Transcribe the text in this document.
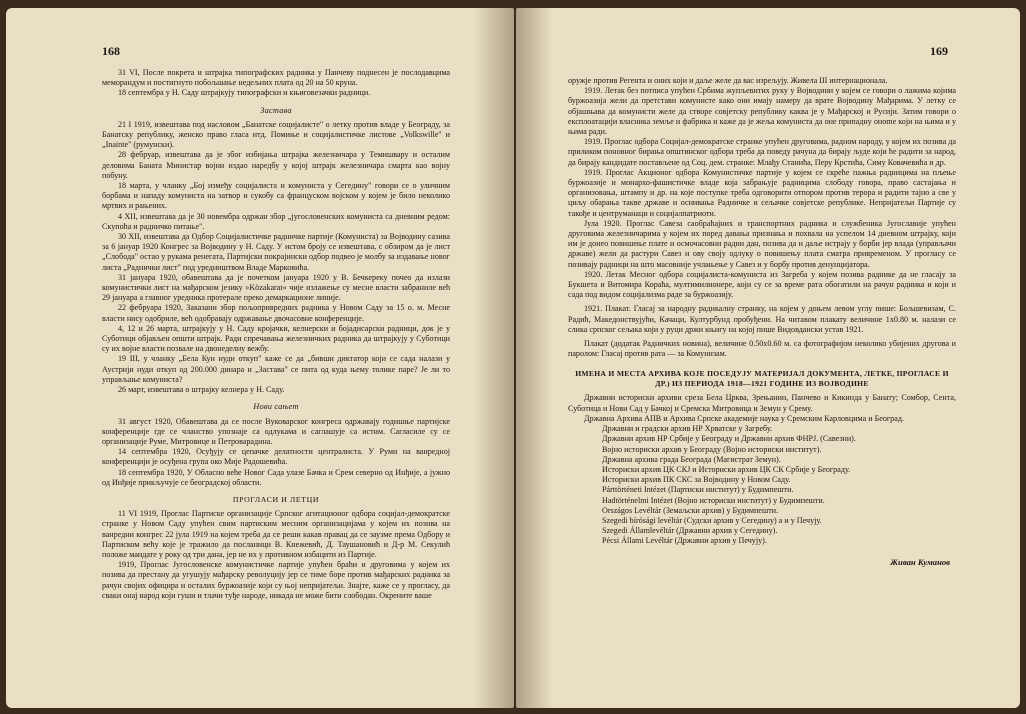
168

31 VI, После покрета и штрајка типографских радника у Панчеву поднесен је послодавцима меморандум и постигнуто побољшање недељних плата од 20 на 50 круна.

18 септембра у Н. Саду штрајкују типографски и књиговезачки радници.

Застава

21 I 1919, извештава под насловом „Банатске социјалисте" о летку против владе у Београду, за Банатску републику, женско право гласа итд. Помиње и социјалистичке листове „Volkswille" и „Inainte" (румунски).

28 фебруар, извештава да је због избијања штрајка железничара у Темишвару и осталим деловима Баната Министар војни издао наредбу у којој штрајк железничара смарта као војну побуну.

18 марта, у чланку „Бој између социјалиста и комуниста у Сегедину" говори се о уличним борбама и нападу комуниста на затвор и сукобу са француском војском у којем је било неколико мртвих и рањених.

4 XII, извештава да је 30 новембра одржан збор „југословенских комуниста са дневним редом: Скупоћа и радничко питање".

30 XII, извештава да Одбор Социјалистичке радничке партије (Комуниста) за Војводину сазива за 6 јануар 1920 Конгрес за Војводину у Н. Саду. У истом броју се извештава, с обзиром да је лист „Слобода" остао у рукама ренегата, Партијски покрајински одбор подвео је молбу за издавање новог листа „Раднички лист" под уредништвом Владе Марковића.

31 јануара 1920, обавештава да је почетком јануара 1920 у В. Бечкереку почео да излази комунистички лист на мађарском језику »Közakarat« чије излажење су месне власти забраниле већ 29 јануара а главног уредника протерале преко демаркационе линије.

22 фебруара 1920, Заказани збор пољопривредних радника у Новом Саду за 15 о. м. Месне власти нису одобриле, већ одобравају одржавање двочасовне конференције.

4, 12 и 26 марта, штрајкују у Н. Саду кројачки, келнерски и бојадисарски радници, док је у Суботици објављен општи штрајк. Ради спречавања железничких радника да штрајкују у Суботици су их војне власти позвале на двонеделну вежбу.

19 III, у чланку „Бела Кун нуди откуп" каже се да „бивши диктатор који се сада налази у Аустрији нуди откуп од 200.000 динара и „Застава" се пита од куда њему толике паре? Је ли то управљање комуниста?

26 март, извештава о штрајку келнера у Н. Саду.

Нови сањет

31 август 1920, Обавештава да се после Вуковарског конгреса одржавају годишње партијске конференције где се чланство упознаје са одлукама и саглашује са истим. Сагласиле су се организације Руме, Митровице и Петроварадина.

14 септембра 1920, Осуђују се цепачке делатности централиста. У Руми на ванредној конференцији је осуђена група око Мије Радошевића.

18 септембра 1920, У Обласно веће Новог Сада улазе Бачка и Срем северно од Инђије, а јужно од Инђије прикључује се београдској области.

ПРОГЛАСИ И ЛЕТЦИ

11 VI 1919, Проглас Партиске организације Српског агитационог одбора социјал-демократске странке у Новом Саду упућен свим партиским месним организацијама у којем их позива на ванредни конгрес 22 јула 1919 на којем треба да се реши какав правац да се заузме према Одбору и Партиском већу које је тражило да посланици В. Кнежевић, Д. Таушановић и Д-р М. Секулић положе мандате у року од три дана, јер не их у противном избацити из Партије.

1919, Проглас Југословенске комунистичке партије упућен браћи и друговима у којем их позива да престану да угушују мађарску револуцију јер се тиме боре против мађарских радника за рачун својих официра и осталих буржоазије који су њој непријатељи. Знајте, каже се у прогласу, да сваки онај народ који гуши и тлачи туђе народе, никада не може бити слободан. Окрените ваше

169

оружје против Регента и оних који и даље желе да вас изрељују. Живела III интернационала.

1919. Летак без потписа упућен Србима жупљевитих руку у Војводини у којем се говори о лажима којима буржоазија жели да претстави комунисте како они имају намеру да врате Војводину Мађарима. У летку се објашњава да комунисти желе да створе совјетску републику каква је у Мађарској и Русији. Затим говори о експлоатацији власника земље и фабрика и каже да је жеља комуниста да оне припадну онome који на њима и у њима ради.

1919. Проглас одбора Социјал-демократске странке упућен друговима, радном народу, у којем их позива да приликом поновног бирања општинског одбора треба да поведу рачуна да бирају људе који ће радити за народ, да бирају кандидате постављене од Соц. дем. странке: Млађу Станића, Перу Крстића, Симу Ковачевића и др.

1919. Проглас Акционог одбора Комунистичке партије у којем се скреће пажња радницима на пљење буржоазије и монархо-фашистичке владе која забрањује радницима слободу говора, право састајања и организовања, штампу и др. на које поступке треба одговорити отпором против терора и радити тајно а све у циљу обарања такве државе и оснивања Радничке и сељачке совјетске републике. Непријатељи Партије су такође и центруманаци и социјалпатриоти.

Јула 1920. Проглас Савеза саобраћајних и транспортних радника и службеника Југославије упућен друговима железничарима у којем их поред давања признања и похвала на успелом 14 дневном штрајку, који им је донео повишење плате и осмочасовни радни дан, позива да и даље истрају у борби јер влада (управљачи државе) жели да растури Савез и ову своју одлуку о повишењу плата сматра привременом. У прогласу се позивају радници на што масовније учлањење у Савез и у борбу против денунцијатора.

1920. Летак Месног одбора социјалиста-комуниста из Загреба у којем позива раднике да не гласају за Букшета и Витомира Корaћа, мултимилионере, који су се за време рата обогатили на рачун радника и који и сада под видом социјализма раде за буржоазију.

1921. Плакат. Гласај за народну радикалну странку, на којем у доњем левом углу пише: Бољшевизам, С. Радић, Македонствујући, Качаци, Културбунд пробуђени. На читавом плакату величине 1x0.80 м. налази се слика српског сељака који у руци држи књигу на којој пише Видовдански устав 1921.

Плакат (додатак Радничких новина), величине 0.50x0.60 м. са фотографијом неколико убијених другова и паролом: Гласај против рата — за Комунизам.

ИМЕНА И МЕСТА АРХИВА КОЈЕ ПОСЕДУЈУ МАТЕРИЈАЛ ДОКУМЕНТА, ЛЕТКЕ, ПРОГЛАСЕ И ДР.) ИЗ ПЕРИОДА 1918—1921 ГОДИНЕ ИЗ ВОЈВОДИНЕ

Државни историски архиви среза Бела Црква, Зрењанин, Панчево и Кикинда у Банату; Сомбор, Сента, Суботица и Нови Сад у Бачкој и Сремска Митровица и Земун у Срему.

Државна Архива АПВ и Архива Српске академије наука у Сремским Карловцима и Београд.

Државни и градски архив НР Хрватске у Загребу.

Државни архив НР Србије у Београду и Државни архив ФНРЈ. (Савезни).

Војно историски архив у Београду (Војно историски институт).

Државна архива града Београда (Магистрат Земун).

Историски архив ЦК СКЈ и Историски архив ЦК СК Србије у Београду.

Историски архив ПК СКС за Војводину у Новом Саду.

Párttörténeti Intézet (Партиски институт) у Будимпешти.

Hadtörténelmi Intézet (Војно историски институт) у Будимпешти.

Országos Levéltár (Земаљски архив) у Будимпешти.

Szegedi bírósági levéltár (Судски архив у Сегедину) а и у Печују.

Szegedi Államlevéltár (Државни архив у Сегедину).

Pécsi Állami Levéltár (Државни архив у Печују).

Живан Куманов
